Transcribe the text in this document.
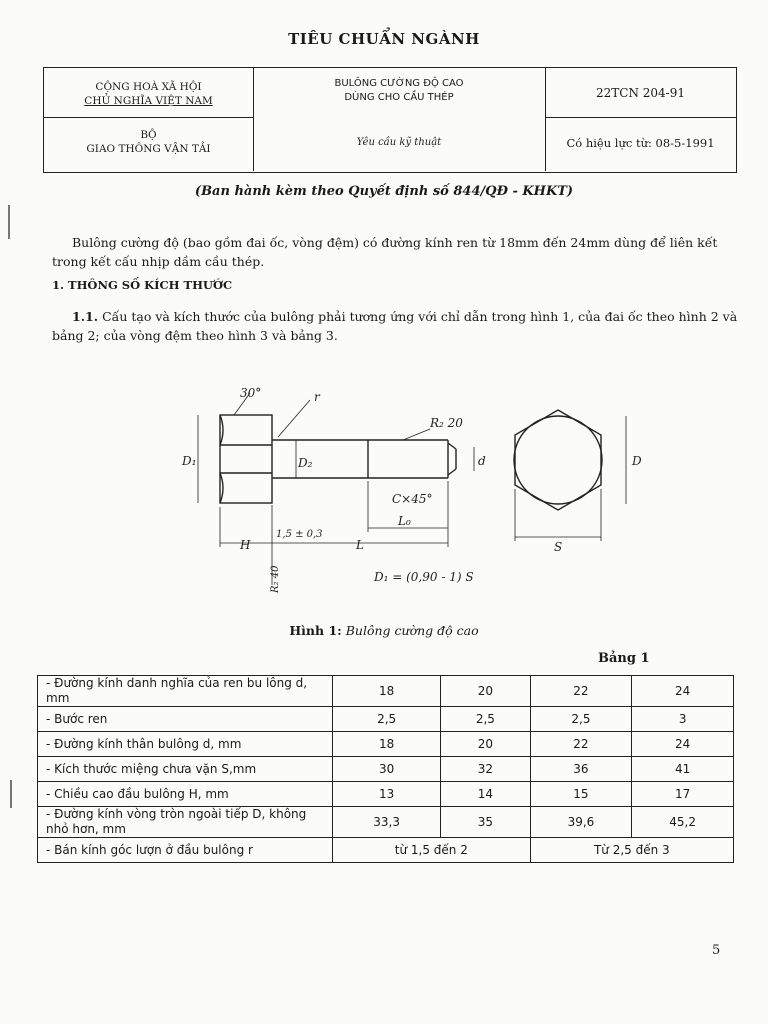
TIÊU CHUẨN NGÀNH
CỘNG HOÀ XÃ HỘI
CHỦ NGHĨA VIỆT NAM
BỘ
GIAO THÔNG VẬN TẢI
BULÔNG CƯỜNG ĐỘ CAO
DÙNG CHO CẦU THÉP
Yêu cầu kỹ thuật
22TCN 204-91
Có hiệu lực từ: 08-5-1991
(Ban hành kèm theo Quyết định số 844/QĐ - KHKT)
Bulông cường độ (bao gồm đai ốc, vòng đệm) có đường kính ren từ 18mm đến 24mm dùng để liên kết trong kết cấu nhịp dầm cầu thép.
1. THÔNG SỐ KÍCH THƯỚC
1.1. Cấu tạo và kích thước của bulông phải tương ứng với chỉ dẫn trong hình 1, của đai ốc theo hình 2 và bảng 2; của vòng đệm theo hình 3 và bảng 3.
30°	r
R₂ 20
D₁	D₂	d
C×45°
L₀
1,5 ± 0,3
L
H
R₂ 40
D
S
D₁ = (0,90 - 1) S
Hình 1: Bulông cường độ cao
Bảng 1
- Đường kính danh nghĩa của ren bu lông d, mm	18	20	22	24
- Bước ren	2,5	2,5	2,5	3
- Đường kính thân bulông d, mm	18	20	22	24
- Kích thước miệng chưa vặn S,mm	30	32	36	41
- Chiều cao đầu bulông H, mm	13	14	15	17
- Đường kính vòng tròn ngoài tiếp D, không nhỏ hơn, mm	33,3	35	39,6	45,2
- Bán kính góc lượn ở đầu bulông r	từ 1,5 đến 2		Từ 2,5 đến 3	
5
